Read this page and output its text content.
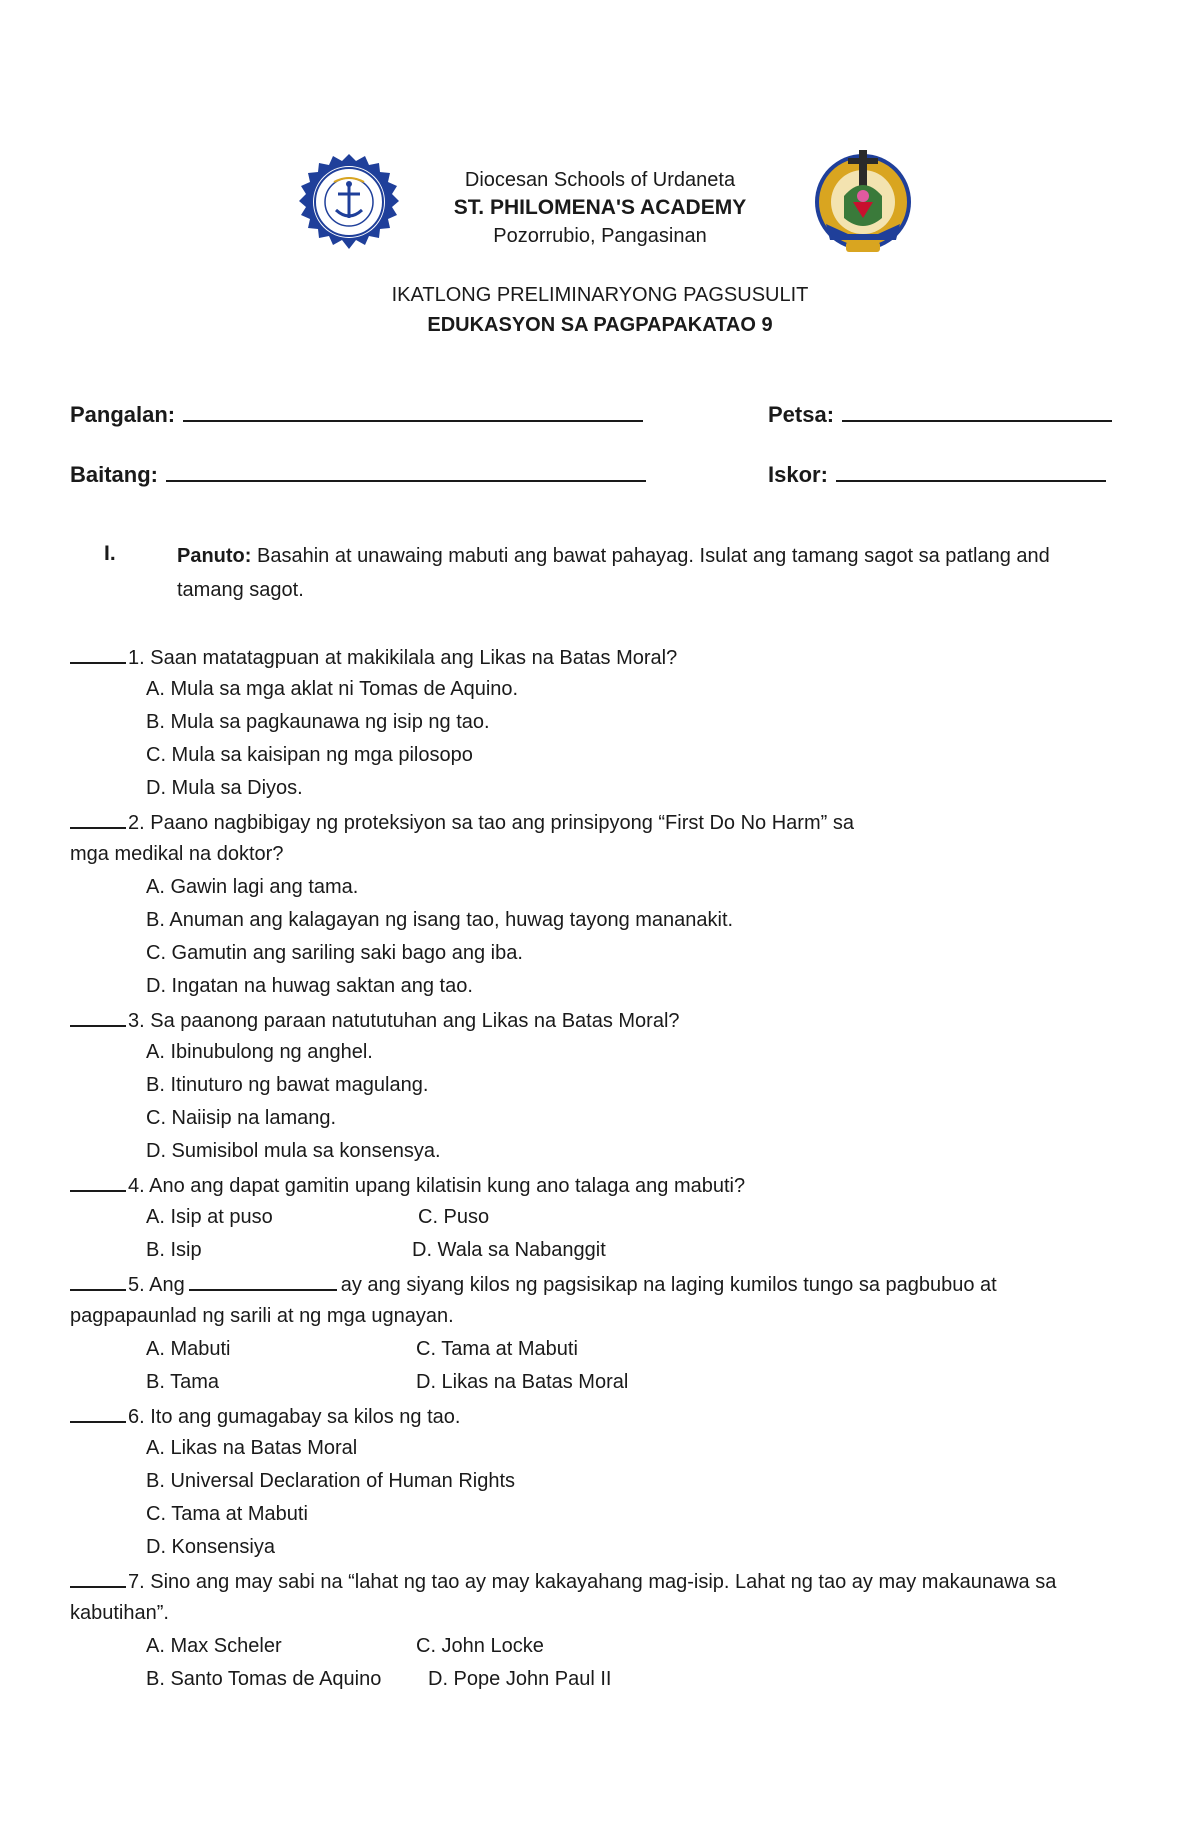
Diocesan Schools of Urdaneta
ST. PHILOMENA'S ACADEMY
Pozorrubio, Pangasinan
IKATLONG PRELIMINARYONG PAGSUSULIT
EDUKASYON SA PAGPAPAKATAO 9
Pangalan:	Petsa:
Baitang:	Iskor:
I.	Panuto: Basahin at unawaing mabuti ang bawat pahayag. Isulat ang tamang sagot sa patlang and tamang sagot.
1. Saan matatagpuan at makikilala ang Likas na Batas Moral?
A. Mula sa mga aklat ni Tomas de Aquino.
B. Mula sa pagkaunawa ng isip ng tao.
C. Mula sa kaisipan ng mga pilosopo
D. Mula sa Diyos.
2. Paano nagbibigay ng proteksiyon sa tao ang prinsipyong “First Do No Harm” sa
mga medikal na doktor?
A. Gawin lagi ang tama.
B. Anuman ang kalagayan ng isang tao, huwag tayong mananakit.
C. Gamutin ang sariling saki bago ang iba.
D. Ingatan na huwag saktan ang tao.
3. Sa paanong paraan natututuhan ang Likas na Batas Moral?
A. Ibinubulong ng anghel.
B. Itinuturo ng bawat magulang.
C. Naiisip na lamang.
D. Sumisibol mula sa konsensya.
4. Ano ang dapat gamitin upang kilatisin kung ano talaga ang mabuti?
A. Isip at puso	C. Puso
B. Isip	D. Wala sa Nabanggit
5. Ang	ay ang siyang kilos ng pagsisikap na laging kumilos tungo sa pagbubuo at
pagpapaunlad ng sarili at ng mga ugnayan.
A. Mabuti	C. Tama at Mabuti
B. Tama	D. Likas na Batas Moral
6. Ito ang gumagabay sa kilos ng tao.
A. Likas na Batas Moral
B. Universal Declaration of Human Rights
C. Tama at Mabuti
D. Konsensiya
7. Sino ang may sabi na “lahat ng tao ay may kakayahang mag-isip. Lahat ng tao ay may makaunawa sa
kabutihan”.
A. Max Scheler	C. John Locke
B. Santo Tomas de Aquino D. Pope John Paul II
